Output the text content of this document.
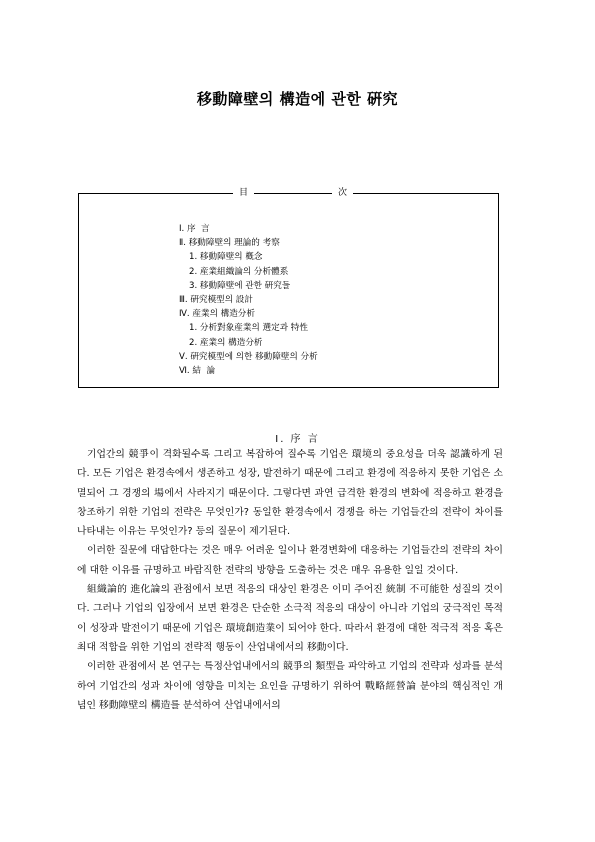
移動障壁의 構造에 관한 硏究
目	次
Ⅰ. 序  言
Ⅱ. 移動障壁의 理論的 考察
1. 移動障壁의 槪念
2. 産業組織論의 分析體系
3. 移動障壁에 관한 硏究들
Ⅲ. 硏究模型의 設計
Ⅳ. 産業의 構造分析
1. 分析對象産業의 選定과 特性
2. 産業의 構造分析
Ⅴ. 硏究模型에 의한 移動障壁의 分析
Ⅵ. 結  論
Ⅰ. 序 言

기업간의 競爭이 격화될수록 그리고 복잡하여 질수록 기업은 環境의 중요성을 더욱 認識하게 된다. 모든 기업은 환경속에서 생존하고 성장, 발전하기 때문에 그리고 환경에 적응하지 못한 기업은 소멸되어 그 경쟁의 場에서 사라지기 때문이다. 그렇다면 과연 급격한 환경의 변화에 적응하고 환경을 창조하기 위한 기업의 전략은 무엇인가? 동일한 환경속에서 경쟁을 하는 기업들간의 전략이 차이를 나타내는 이유는 무엇인가? 등의 질문이 제기된다.

이러한 질문에 대답한다는 것은 매우 어려운 일이나 환경변화에 대응하는 기업들간의 전략의 차이에 대한 이유를 규명하고 바람직한 전략의 방향을 도출하는 것은 매우 유용한 일일 것이다.

組織論的 進化論의 관점에서 보면 적응의 대상인 환경은 이미 주어진 統制 不可能한 성질의 것이다. 그러나 기업의 입장에서 보면 환경은 단순한 소극적 적응의 대상이 아니라 기업의 궁극적인 목적이 성장과 발전이기 때문에 기업은 環境創造業이 되어야 한다. 따라서 환경에 대한 적극적 적응 혹은 최대 적합을 위한 기업의 전략적 행동이 산업내에서의 移動이다.

이러한 관점에서 본 연구는 특정산업내에서의 競爭의 類型을 파악하고 기업의 전략과 성과를 분석하여 기업간의 성과 차이에 영향을 미치는 요인을 규명하기 위하여 戰略經營論 분야의 핵심적인 개념인 移動障壁의 構造를 분석하여 산업내에서의
